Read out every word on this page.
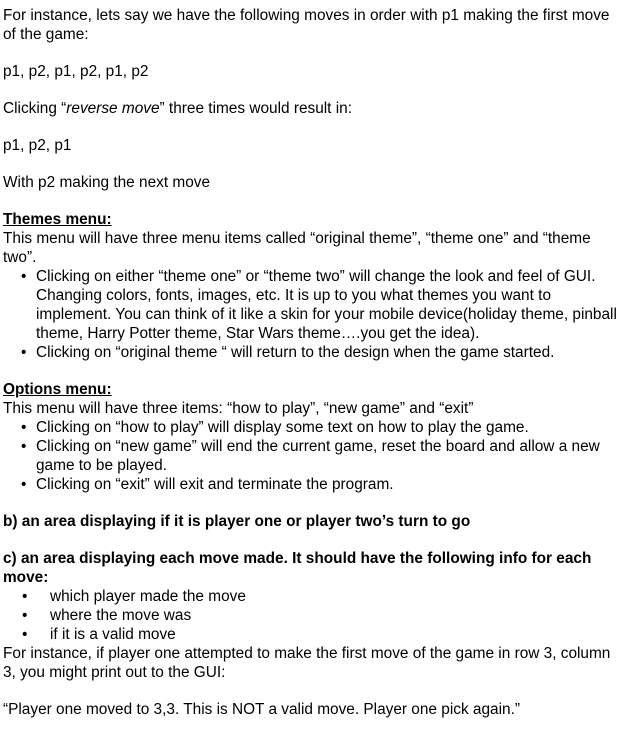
For instance, lets say we have the following moves in order with p1 making the first move of the game:

p1, p2, p1, p2, p1, p2

Clicking “reverse move” three times would result in:

p1, p2, p1

With p2 making the next move

Themes menu:

This menu will have three menu items called “original theme”, “theme one” and “theme two”.

• Clicking on either “theme one” or “theme two” will change the look and feel of GUI. Changing colors, fonts, images, etc. It is up to you what themes you want to implement. You can think of it like a skin for your mobile device(holiday theme, pinball theme, Harry Potter theme, Star Wars theme….you get the idea).
• Clicking on “original theme “ will return to the design when the game started.

Options menu:

This menu will have three items: “how to play”, “new game” and “exit”

• Clicking on “how to play” will display some text on how to play the game.
• Clicking on “new game” will end the current game, reset the board and allow a new game to be played.
• Clicking on “exit” will exit and terminate the program.

b) an area displaying if it is player one or player two’s turn to go

c) an area displaying each move made. It should have the following info for each move:

• which player made the move
• where the move was
• if it is a valid move

For instance, if player one attempted to make the first move of the game in row 3, column 3, you might print out to the GUI:

“Player one moved to 3,3. This is NOT a valid move. Player one pick again.”
